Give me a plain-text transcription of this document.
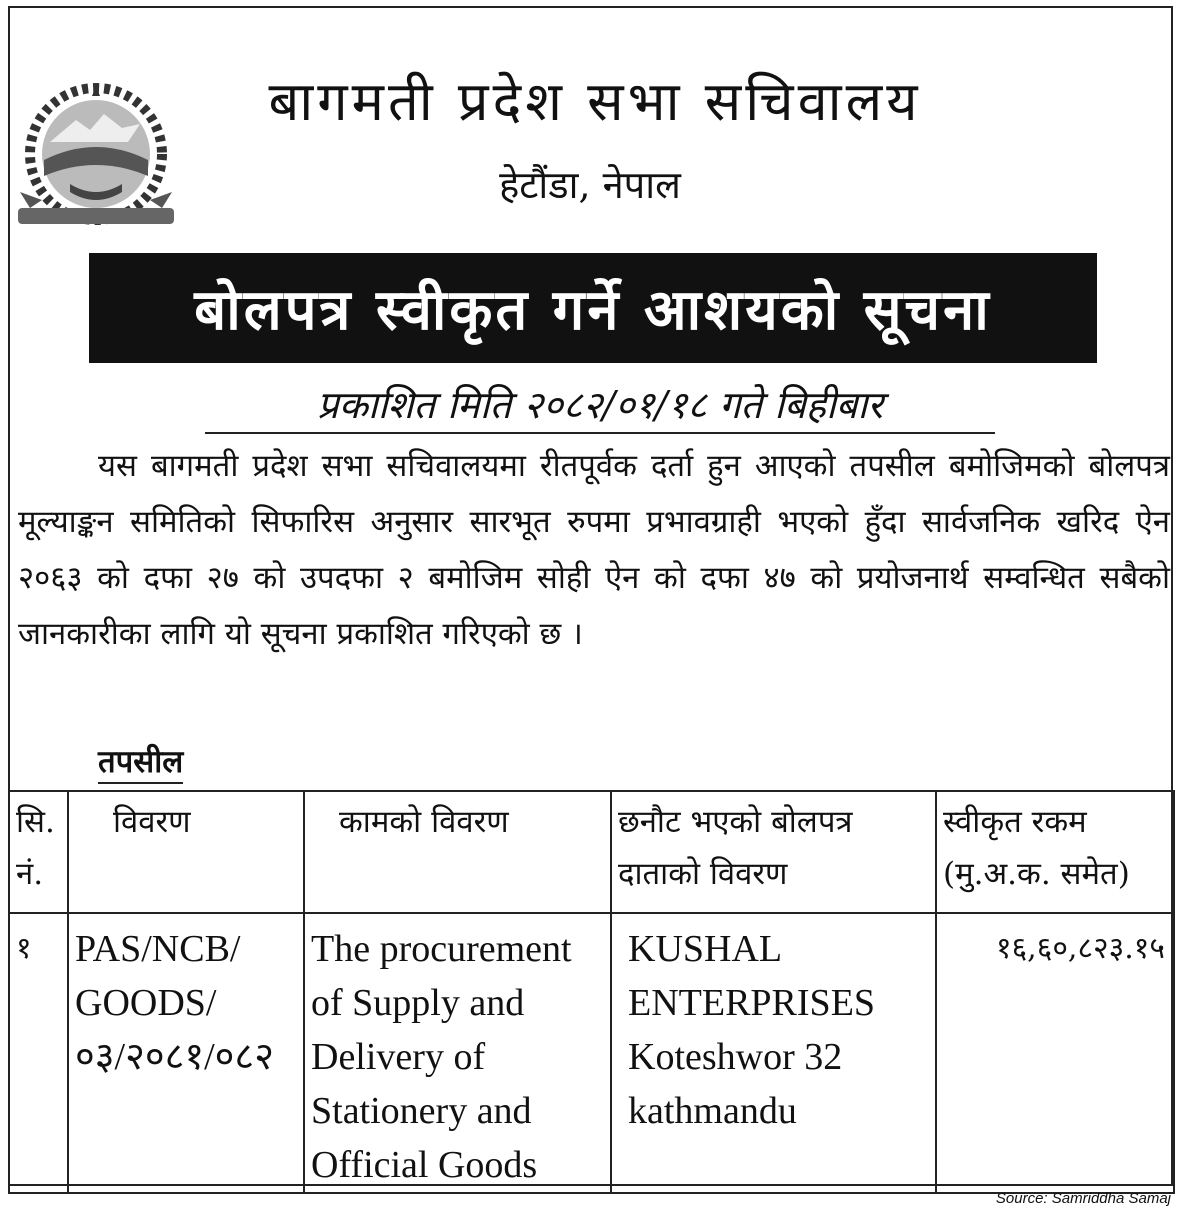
बागमती प्रदेश सभा सचिवालय
हेटौंडा, नेपाल
बोलपत्र स्वीकृत गर्ने आशयको सूचना
प्रकाशित मिति २०८२/०१/१८ गते बिहीबार

यस बागमती प्रदेश सभा सचिवालयमा रीतपूर्वक दर्ता हुन आएको तपसील बमोजिमको बोलपत्र मूल्याङ्कन समितिको सिफारिस अनुसार सारभूत रुपमा प्रभावग्राही भएको हुँदा सार्वजनिक खरिद ऐन २०६३ को दफा २७ को उपदफा २ बमोजिम सोही ऐन को दफा ४७ को प्रयोजनार्थ सम्वन्धित सबैको जानकारीका लागि यो सूचना प्रकाशित गरिएको छ ।

तपसील
सि. नं.	विवरण	कामको विवरण	छनौट भएको बोलपत्र दाताको विवरण	स्वीकृत रकम (मु.अ.क. समेत)
१	PAS/NCB/ GOODS/ ०३/२०८१/०८२	The procurement of Supply and Delivery of Stationery and Official Goods	KUSHAL ENTERPRISES Koteshwor 32 kathmandu	१६,६०,८२३.१५
Source: Samriddha Samaj
